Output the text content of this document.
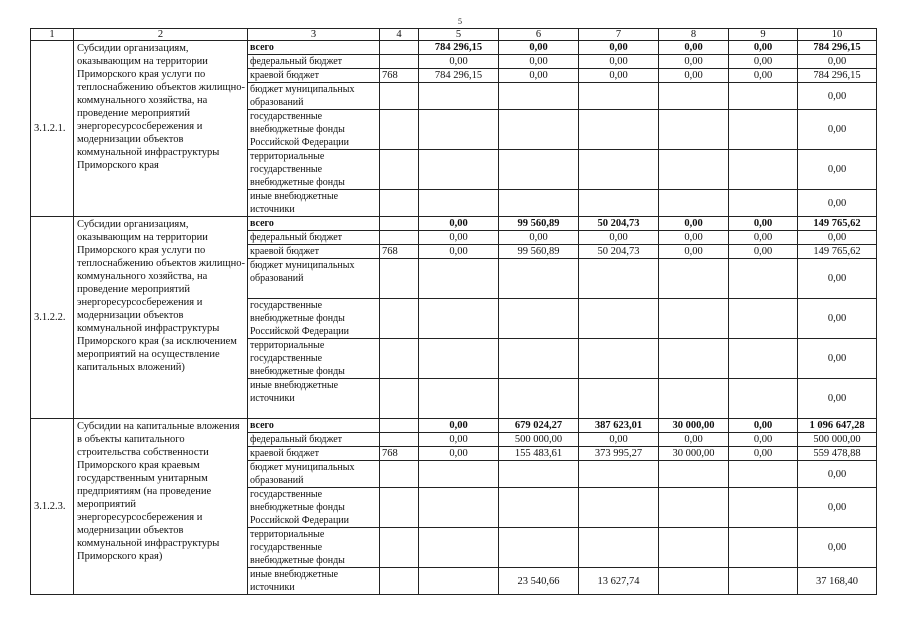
5
1	2	3	4	5	6	7	8	9	10
3.1.2.1.	Субсидии организациям, оказывающим на территории Приморского края услуги по теплоснабжению объектов жилищно-коммунального хозяйства, на проведение мероприятий энергоресурсосбережения и модернизации объектов коммунальной инфраструктуры Приморского края	всего		784 296,15	0,00	0,00	0,00	0,00	784 296,15
		федеральный бюджет		0,00	0,00	0,00	0,00	0,00	0,00
		краевой бюджет	768	784 296,15	0,00	0,00	0,00	0,00	784 296,15
		бюджет муниципальных образований							0,00
		государственные внебюджетные фонды Российской Федерации							0,00
		территориальные государственные внебюджетные фонды							0,00
		иные внебюджетные источники							0,00
3.1.2.2.	Субсидии организациям, оказывающим на территории Приморского края услуги по теплоснабжению объектов жилищно-коммунального хозяйства, на проведение мероприятий энергоресурсосбережения и модернизации объектов коммунальной инфраструктуры Приморского края (за исключением мероприятий на осуществление капитальных вложений)	всего		0,00	99 560,89	50 204,73	0,00	0,00	149 765,62
		федеральный бюджет		0,00	0,00	0,00	0,00	0,00	0,00
		краевой бюджет	768	0,00	99 560,89	50 204,73	0,00	0,00	149 765,62
		бюджет муниципальных образований							0,00
		государственные внебюджетные фонды Российской Федерации							0,00
		территориальные государственные внебюджетные фонды							0,00
		иные внебюджетные источники							0,00
3.1.2.3.	Субсидии на капитальные вложения в объекты капитального строительства собственности Приморского края краевым государственным унитарным предприятиям (на проведение мероприятий энергоресурсосбережения и модернизации объектов коммунальной инфраструктуры Приморского края)	всего		0,00	679 024,27	387 623,01	30 000,00	0,00	1 096 647,28
		федеральный бюджет		0,00	500 000,00	0,00	0,00	0,00	500 000,00
		краевой бюджет	768	0,00	155 483,61	373 995,27	30 000,00	0,00	559 478,88
		бюджет муниципальных образований							0,00
		государственные внебюджетные фонды Российской Федерации							0,00
		территориальные государственные внебюджетные фонды							0,00
		иные внебюджетные источники			23 540,66	13 627,74			37 168,40
